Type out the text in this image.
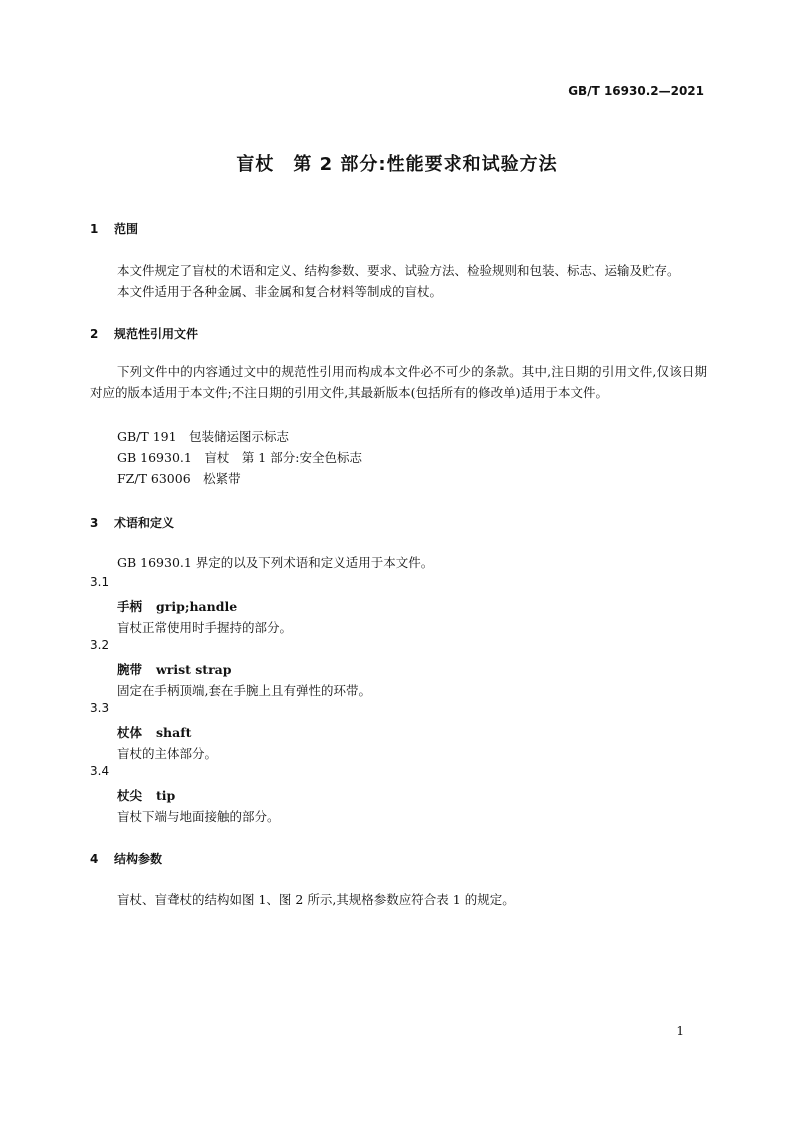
GB/T 16930.2—2021
盲杖　第 2 部分:性能要求和试验方法
1 范围
本文件规定了盲杖的术语和定义、结构参数、要求、试验方法、检验规则和包装、标志、运输及贮存。
本文件适用于各种金属、非金属和复合材料等制成的盲杖。
2 规范性引用文件
下列文件中的内容通过文中的规范性引用而构成本文件必不可少的条款。其中,注日期的引用文件,仅该日期对应的版本适用于本文件;不注日期的引用文件,其最新版本(包括所有的修改单)适用于本文件。
GB/T 191　包装储运图示标志
GB 16930.1　盲杖　第 1 部分:安全色标志
FZ/T 63006　松紧带
3 术语和定义
GB 16930.1 界定的以及下列术语和定义适用于本文件。
3.1
手柄 grip;handle
盲杖正常使用时手握持的部分。
3.2
腕带 wrist strap
固定在手柄顶端,套在手腕上且有弹性的环带。
3.3
杖体 shaft
盲杖的主体部分。
3.4
杖尖 tip
盲杖下端与地面接触的部分。
4 结构参数
盲杖、盲聋杖的结构如图 1、图 2 所示,其规格参数应符合表 1 的规定。
1
